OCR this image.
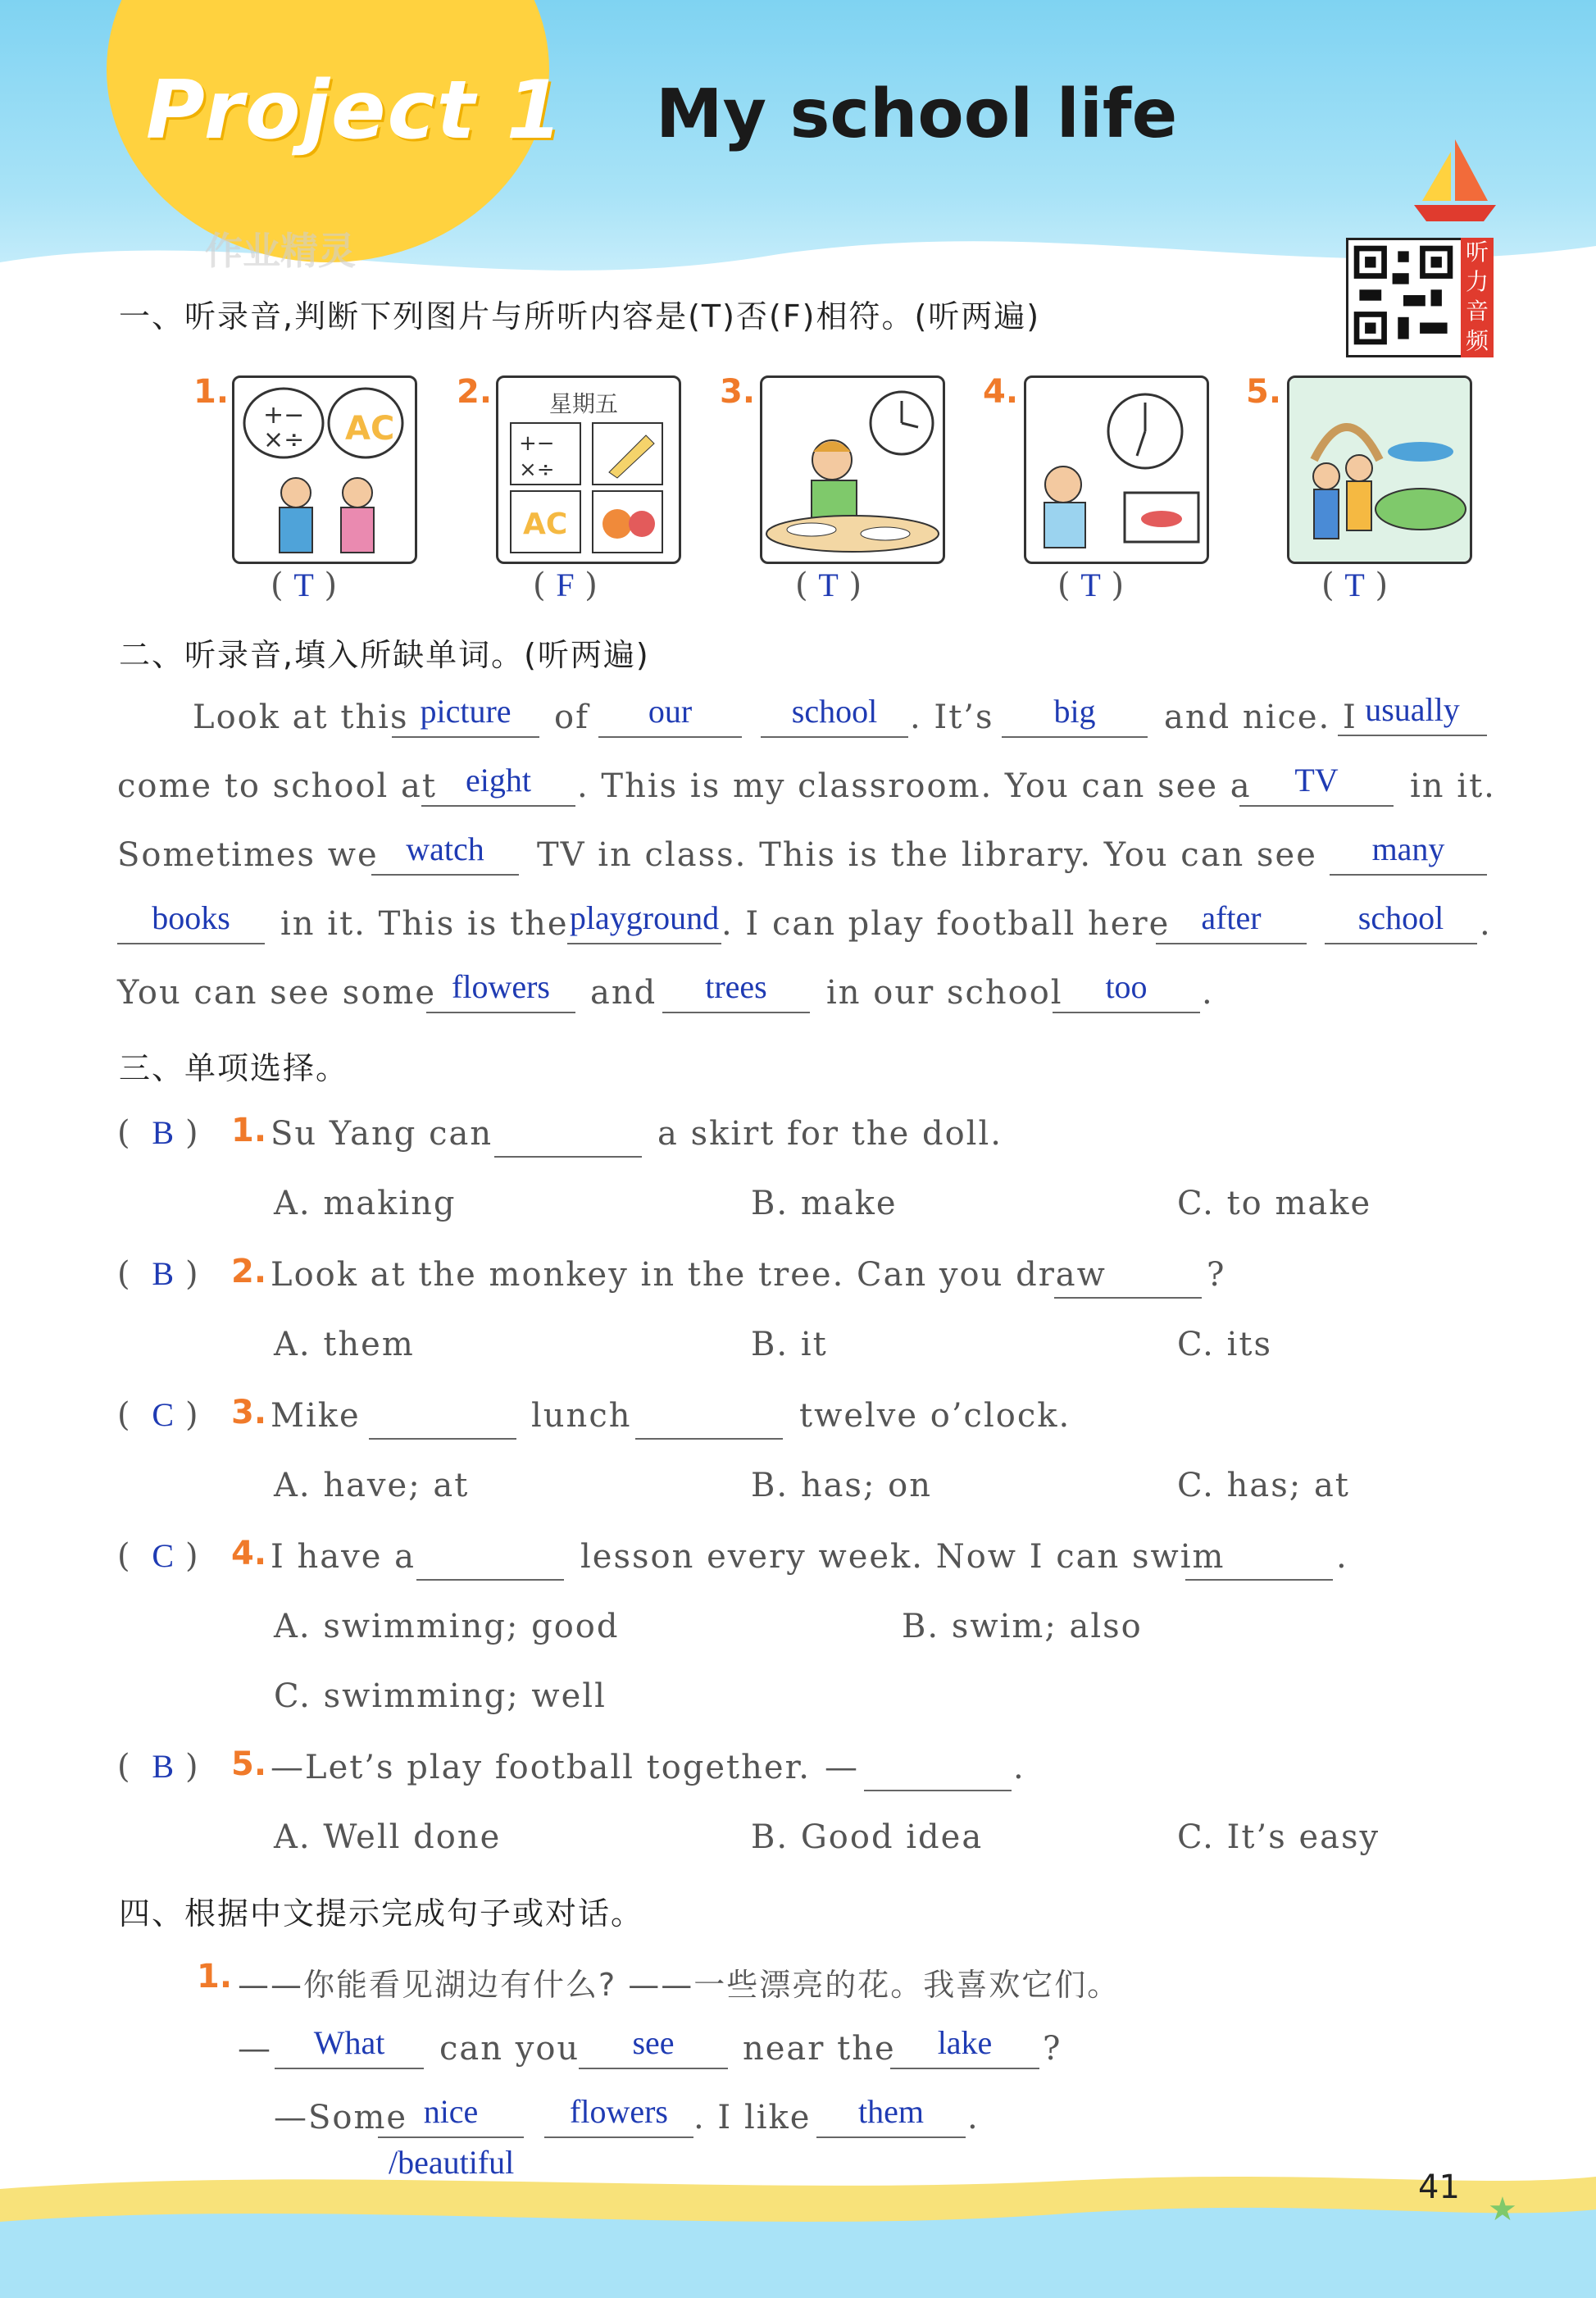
Project 1 My school life
作业精灵	听力音频
一、听录音,判断下列图片与所听内容是(T)否(F)相符。(听两遍)
1.
+−
×÷ AC
( T )
2. 星期五
+−
×÷
AC
( F )
3.
( T )
4.
( T )
5.
( T )
二、听录音,填入所缺单词。(听两遍)
Look at this picture	of	our	school . It’s	big	and nice. I usually
come to school at eight	. This is my classroom. You can see a	TV	in it.
Sometimes we watch	TV in class. This is the library. You can see	many
books	in it. This is the playground . I can play football here after	school	.
You can see some flowers	and	trees	in our school	too	.
三、单项选择。
( B ) 1. Su Yang can	a skirt for the doll.
A. making	B. make	C. to make
( B ) 2. Look at the monkey in the tree. Can you draw	?
A. them	B. it	C. its
( C ) 3. Mike	lunch	twelve o’clock.
A. have; at	B. has; on	C. has; at
( C ) 4. I have a	lesson every week. Now I can swim	.
A. swimming; good	B. swim; also
C. swimming; well
( B ) 5. —Let’s play football together. —	.
A. Well done	B. Good idea	C. It’s easy
四、根据中文提示完成句子或对话。
1. ——你能看见湖边有什么? ——一些漂亮的花。我喜欢它们。
—	What	can you	see	near the	lake	?
—Some nice	flowers . I like	them	.
/beautiful
41
★
